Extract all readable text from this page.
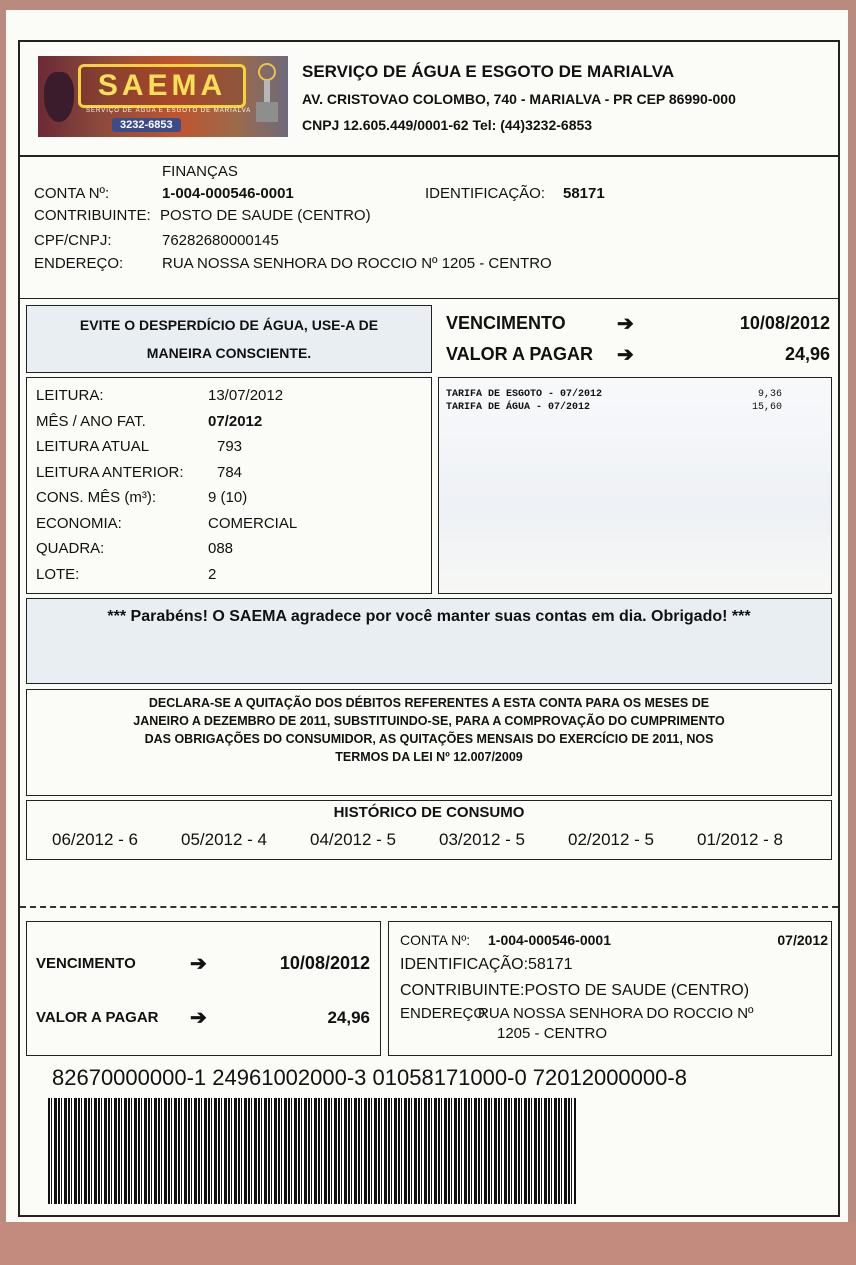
SAEMA
SERVIÇO DE ÁGUA E ESGOTO DE MARIALVA
3232-6853
SERVIÇO DE ÁGUA E ESGOTO DE MARIALVA
AV. CRISTOVAO COLOMBO, 740 - MARIALVA - PR CEP 86990-000
CNPJ 12.605.449/0001-62 Tel: (44)3232-6853
FINANÇAS
CONTA Nº:	1-004-000546-0001	IDENTIFICAÇÃO: 58171
CONTRIBUINTE: POSTO DE SAUDE (CENTRO)
CPF/CNPJ:	76282680000145
ENDEREÇO:	RUA NOSSA SENHORA DO ROCCIO Nº 1205 - CENTRO
EVITE O DESPERDÍCIO DE ÁGUA, USE-A DE
MANEIRA CONSCIENTE.
VENCIMENTO	➔	10/08/2012
VALOR A PAGAR ➔	24,96
LEITURA:	13/07/2012
MÊS / ANO FAT.	07/2012
LEITURA ATUAL	793
LEITURA ANTERIOR: 784
CONS. MÊS (m³):	9 (10)
ECONOMIA:	COMERCIAL
QUADRA:	088
LOTE:	2
TARIFA DE ESGOTO - 07/2012	9,36
TARIFA DE ÁGUA - 07/2012	15,60
*** Parabéns! O SAEMA agradece por você manter suas contas em dia. Obrigado! ***
DECLARA-SE A QUITAÇÃO DOS DÉBITOS REFERENTES A ESTA CONTA PARA OS MESES DE
JANEIRO A DEZEMBRO DE 2011, SUBSTITUINDO-SE, PARA A COMPROVAÇÃO DO CUMPRIMENTO
DAS OBRIGAÇÕES DO CONSUMIDOR, AS QUITAÇÕES MENSAIS DO EXERCÍCIO DE 2011, NOS
TERMOS DA LEI Nº 12.007/2009
HISTÓRICO DE CONSUMO
06/2012 - 6	05/2012 - 4	04/2012 - 5	03/2012 - 5	02/2012 - 5	01/2012 - 8
VENCIMENTO	➔	10/08/2012
VALOR A PAGAR ➔	24,96
CONTA Nº: 1-004-000546-0001	07/2012
IDENTIFICAÇÃO:58171
CONTRIBUINTE:POSTO DE SAUDE (CENTRO)
ENDEREÇO:
RUA NOSSA SENHORA DO ROCCIO Nº
1205 - CENTRO
82670000000-1 24961002000-3 01058171000-0 72012000000-8
